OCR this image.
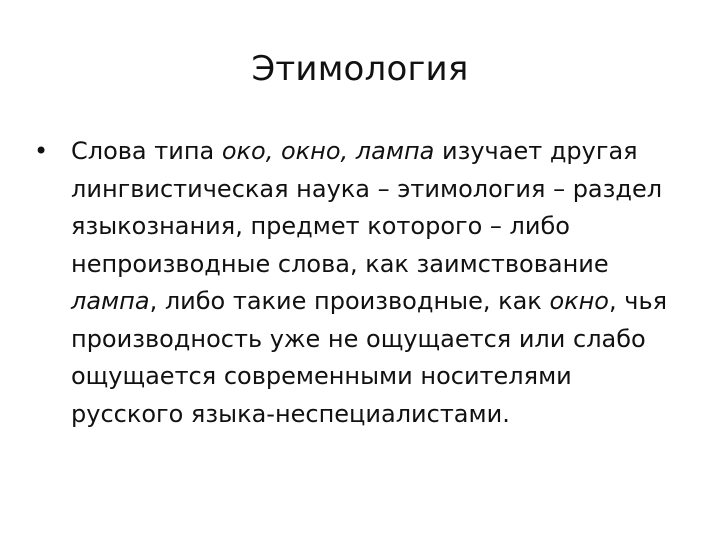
Этимология
• Слова типа око, окно, лампа изучает другая лингвистическая наука – этимология – раздел языкознания, предмет которого – либо непроизводные слова, как заимствование лампа, либо такие производные, как окно, чья производность уже не ощущается или слабо ощущается современными носителями русского языка-неспециалистами.
